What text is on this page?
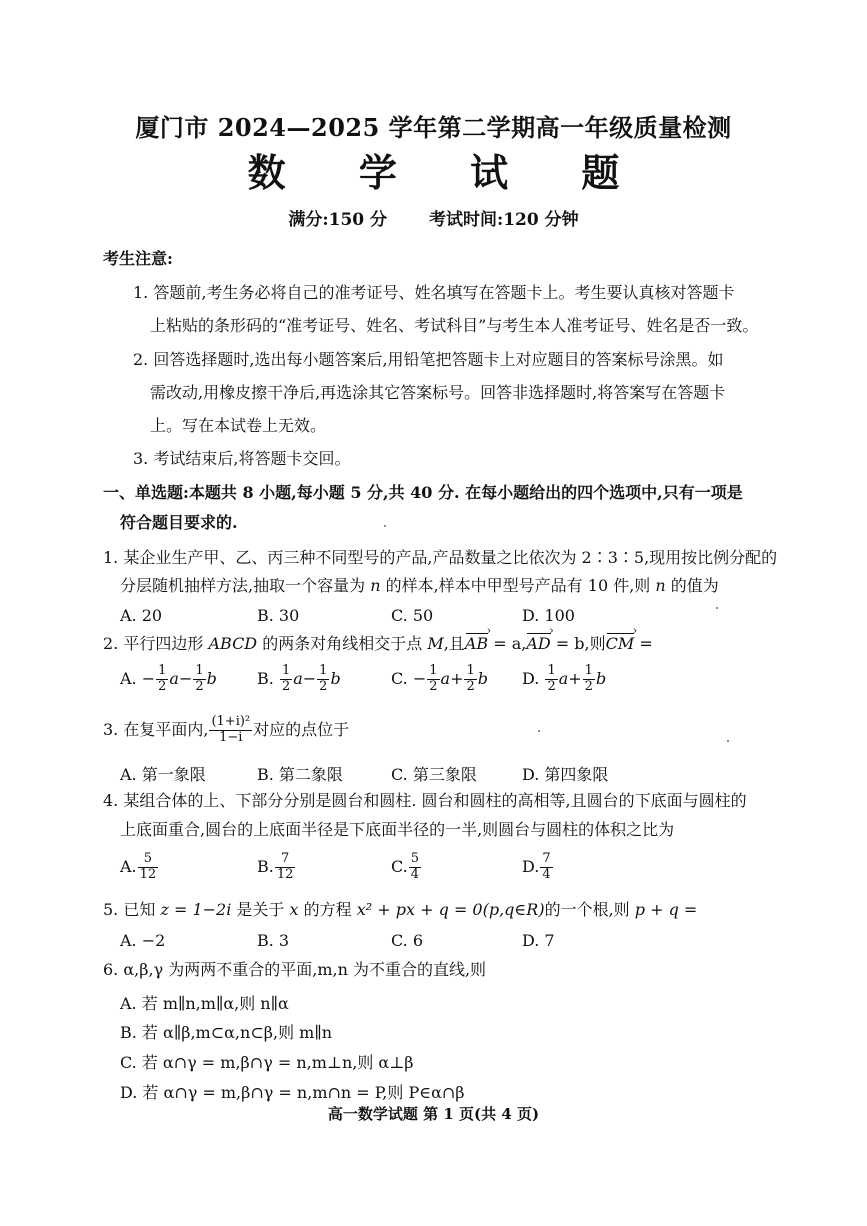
厦门市 2024—2025 学年第二学期高一年级质量检测
数 学 试 题
满分:150 分 考试时间:120 分钟
考生注意:
1. 答题前,考生务必将自己的准考证号、姓名填写在答题卡上。考生要认真核对答题卡
上粘贴的条形码的“准考证号、姓名、考试科目”与考生本人准考证号、姓名是否一致。
2. 回答选择题时,选出每小题答案后,用铅笔把答题卡上对应题目的答案标号涂黑。如
需改动,用橡皮擦干净后,再选涂其它答案标号。回答非选择题时,将答案写在答题卡
上。写在本试卷上无效。
3. 考试结束后,将答题卡交回。
一、单选题:本题共 8 小题,每小题 5 分,共 40 分. 在每小题给出的四个选项中,只有一项是
符合题目要求的.
1. 某企业生产甲、乙、丙三种不同型号的产品,产品数量之比依次为 2∶3∶5,现用按比例分配的
分层随机抽样方法,抽取一个容量为 n 的样本,样本中甲型号产品有 10 件,则 n 的值为
A. 20	B. 30	C. 50	D. 100
2. 平行四边形 ABCD 的两条对角线相交于点 M,且AB › = a,AD › = b,则CM › =
A. − $\frac{1}{2} a- \frac{1}{2}$ b	B. $\frac{1}{2} a- \frac{1}{2}$ b	C. − $\frac{1}{2} a+ \frac{1}{2}$ b D. $\frac{1}{2} a+ \frac{1}{2}$ b
3. 在复平面内, $\frac{\text{(1+i)²}}{1-i}$ 对应的点位于
A. 第一象限	B. 第二象限	C. 第三象限	D. 第四象限
4. 某组合体的上、下部分分别是圆台和圆柱. 圆台和圆柱的高相等,且圆台的下底面与圆柱的
上底面重合,圆台的上底面半径是下底面半径的一半,则圆台与圆柱的体积之比为
A. $\frac{5}{12}$	B. $\frac{7}{12}$	C. $\frac{5}{4}$	D. $\frac{7}{4}$
5. 已知 z = 1−2i 是关于 x 的方程 x² + px + q = 0(p,q∈R)的一个根,则 p + q =
A. −2	B. 3	C. 6	D. 7
6. α,β,γ 为两两不重合的平面,m,n 为不重合的直线,则
A. 若 m∥n,m∥α,则 n∥α
B. 若 α∥β,m⊂α,n⊂β,则 m∥n
C. 若 α∩γ = m,β∩γ = n,m⊥n,则 α⊥β
D. 若 α∩γ = m,β∩γ = n,m∩n = P,则 P∈α∩β
高一数学试题 第 1 页(共 4 页)
